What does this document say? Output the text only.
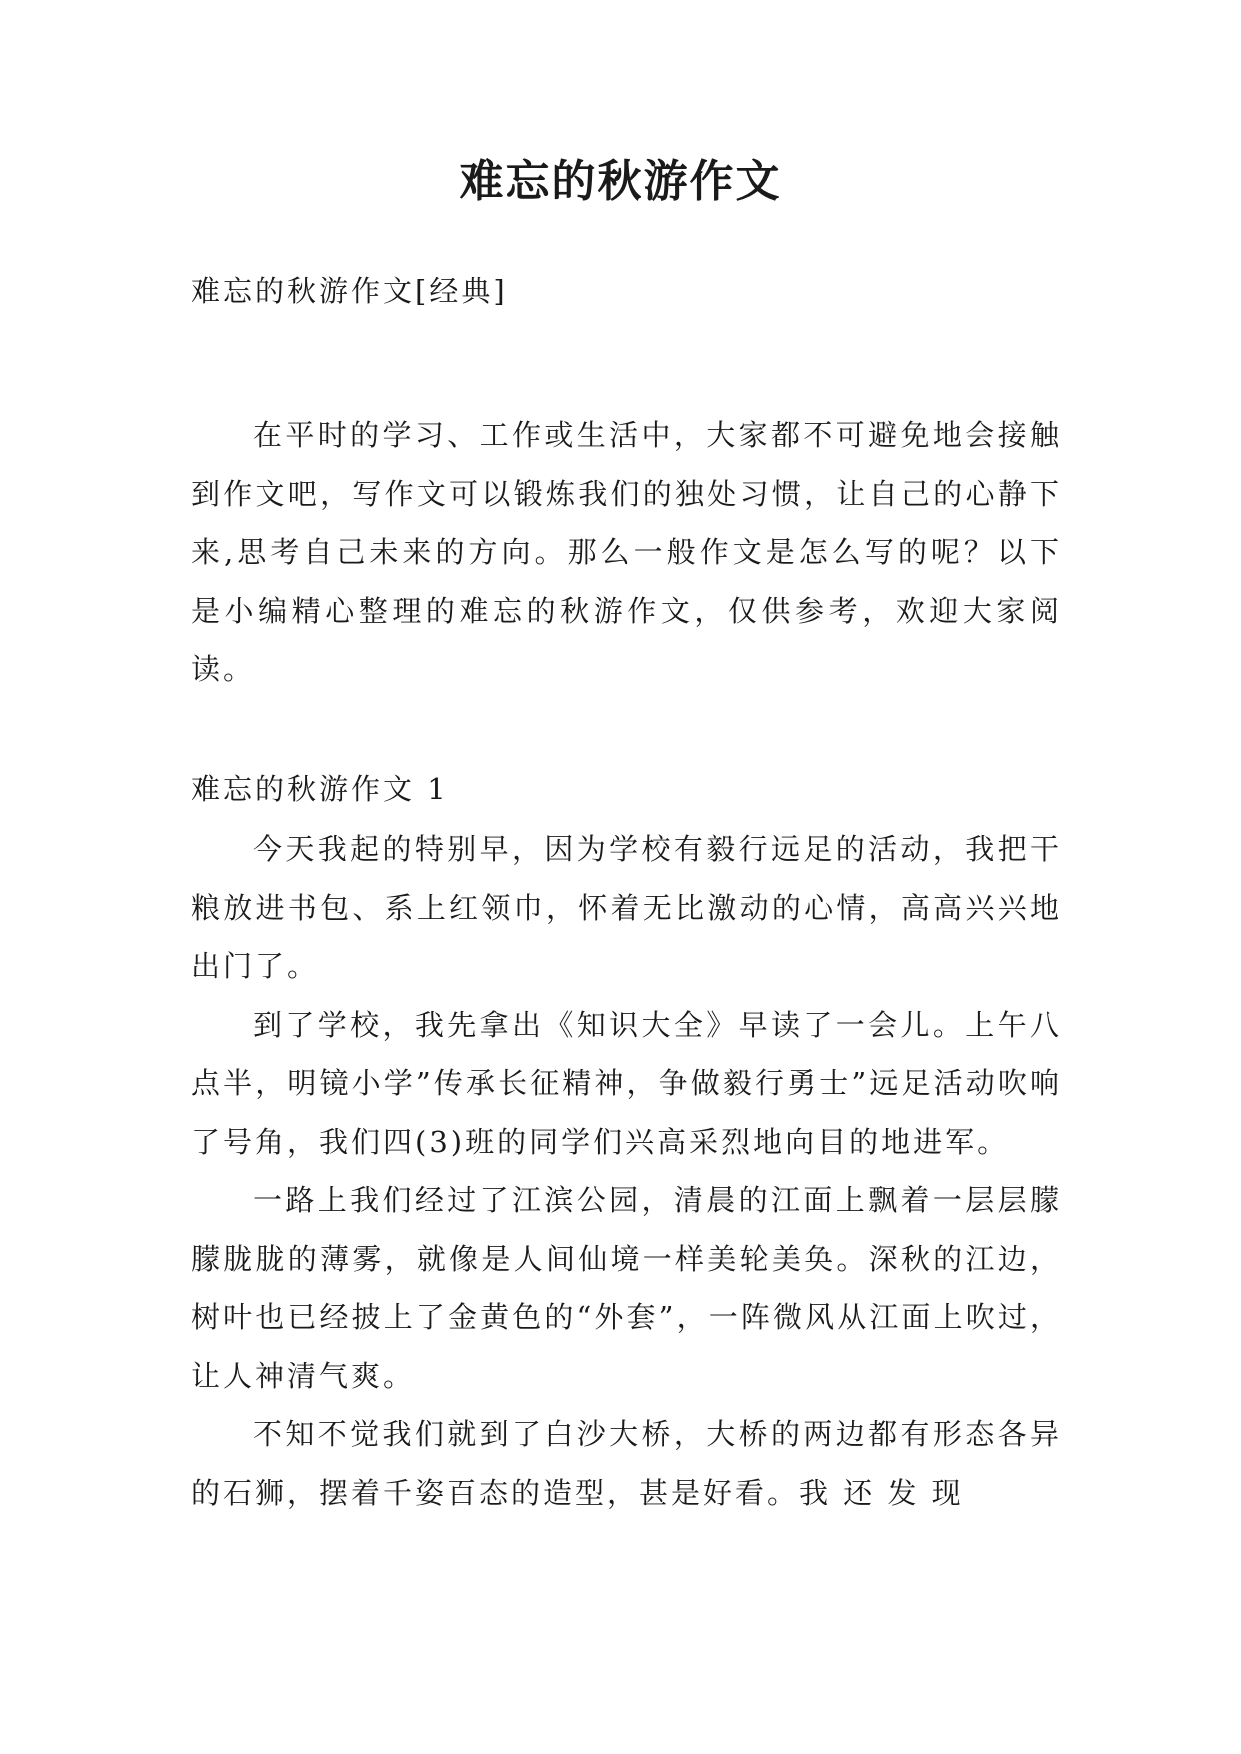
难忘的秋游作文

难忘的秋游作文[经典]

在平时的学习、工作或生活中，大家都不可避免地会接触到作文吧，写作文可以锻炼我们的独处习惯，让自己的心静下来,思考自己未来的方向。那么一般作文是怎么写的呢？以下是小编精心整理的难忘的秋游作文，仅供参考，欢迎大家阅读。

难忘的秋游作文 1

今天我起的特别早，因为学校有毅行远足的活动，我把干粮放进书包、系上红领巾，怀着无比激动的心情，高高兴兴地出门了。

到了学校，我先拿出《知识大全》早读了一会儿。上午八点半，明镜小学”传承长征精神，争做毅行勇士”远足活动吹响了号角，我们四(3)班的同学们兴高采烈地向目的地进军。

一路上我们经过了江滨公园，清晨的江面上飘着一层层朦朦胧胧的薄雾，就像是人间仙境一样美轮美奂。深秋的江边，树叶也已经披上了金黄色的“外套”，一阵微风从江面上吹过，让人神清气爽。

不知不觉我们就到了白沙大桥，大桥的两边都有形态各异的石狮，摆着千姿百态的造型，甚是好看。我 还 发 现
